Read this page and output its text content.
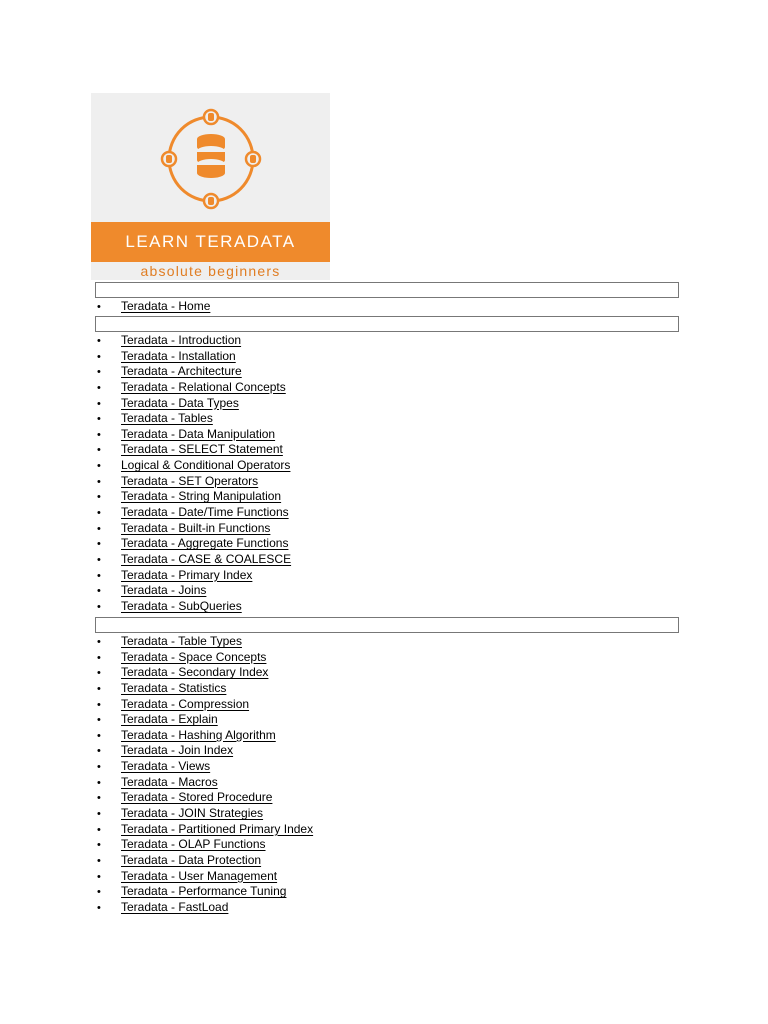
LEARN TERADATA
absolute beginners
• Teradata - Home
• Teradata - Introduction
• Teradata - Installation
• Teradata - Architecture
• Teradata - Relational Concepts
• Teradata - Data Types
• Teradata - Tables
• Teradata - Data Manipulation
• Teradata - SELECT Statement
• Logical & Conditional Operators
• Teradata - SET Operators
• Teradata - String Manipulation
• Teradata - Date/Time Functions
• Teradata - Built-in Functions
• Teradata - Aggregate Functions
• Teradata - CASE & COALESCE
• Teradata - Primary Index
• Teradata - Joins
• Teradata - SubQueries
• Teradata - Table Types
• Teradata - Space Concepts
• Teradata - Secondary Index
• Teradata - Statistics
• Teradata - Compression
• Teradata - Explain
• Teradata - Hashing Algorithm
• Teradata - Join Index
• Teradata - Views
• Teradata - Macros
• Teradata - Stored Procedure
• Teradata - JOIN Strategies
• Teradata - Partitioned Primary Index
• Teradata - OLAP Functions
• Teradata - Data Protection
• Teradata - User Management
• Teradata - Performance Tuning
• Teradata - FastLoad
